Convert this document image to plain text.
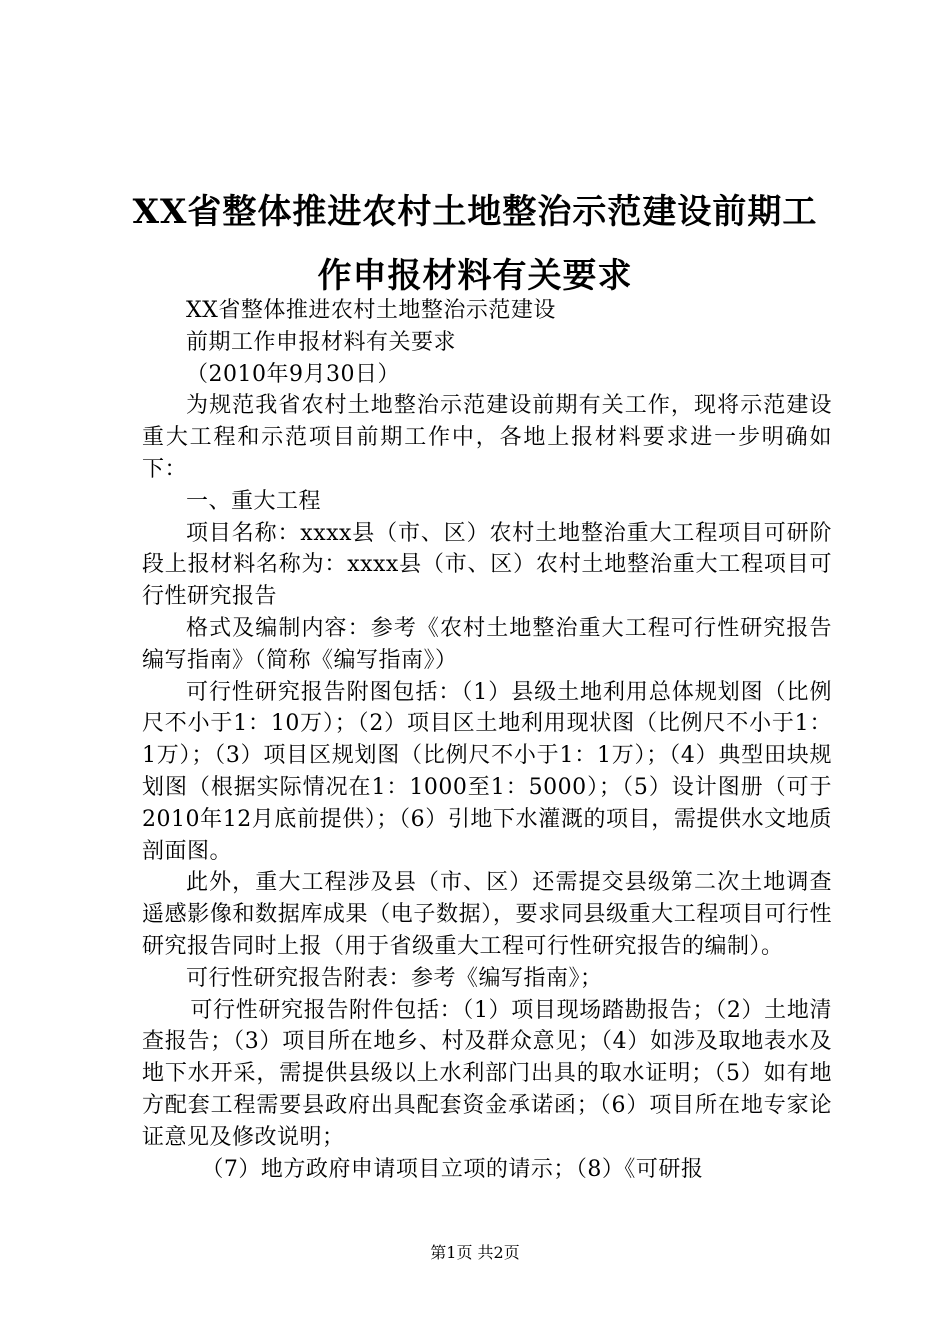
XX省整体推进农村土地整治示范建设前期工作申报材料有关要求

XX省整体推进农村土地整治示范建设

前期工作申报材料有关要求

（2010年9月30日）

为规范我省农村土地整治示范建设前期有关工作，现将示范建设重大工程和示范项目前期工作中，各地上报材料要求进一步明确如下：

一、重大工程

项目名称：xxxx县（市、区）农村土地整治重大工程项目可研阶段上报材料名称为：xxxx县（市、区）农村土地整治重大工程项目可行性研究报告

格式及编制内容：参考《农村土地整治重大工程可行性研究报告编写指南》（简称《编写指南》）

可行性研究报告附图包括：（1）县级土地利用总体规划图（比例尺不小于1：10万）；（2）项目区土地利用现状图（比例尺不小于1：1万）；（3）项目区规划图（比例尺不小于1：1万）；（4）典型田块规划图（根据实际情况在1：1000至1：5000）；（5）设计图册（可于2010年12月底前提供）；（6）引地下水灌溉的项目，需提供水文地质剖面图。

此外，重大工程涉及县（市、区）还需提交县级第二次土地调查遥感影像和数据库成果（电子数据），要求同县级重大工程项目可行性研究报告同时上报（用于省级重大工程可行性研究报告的编制）。

可行性研究报告附表：参考《编写指南》；

可行性研究报告附件包括：（1）项目现场踏勘报告；（2）土地清查报告；（3）项目所在地乡、村及群众意见；（4）如涉及取地表水及地下水开采，需提供县级以上水利部门出具的取水证明；（5）如有地方配套工程需要县政府出具配套资金承诺函；（6）项目所在地专家论证意见及修改说明；

（7）地方政府申请项目立项的请示；（8）《可研报

第1页 共2页
